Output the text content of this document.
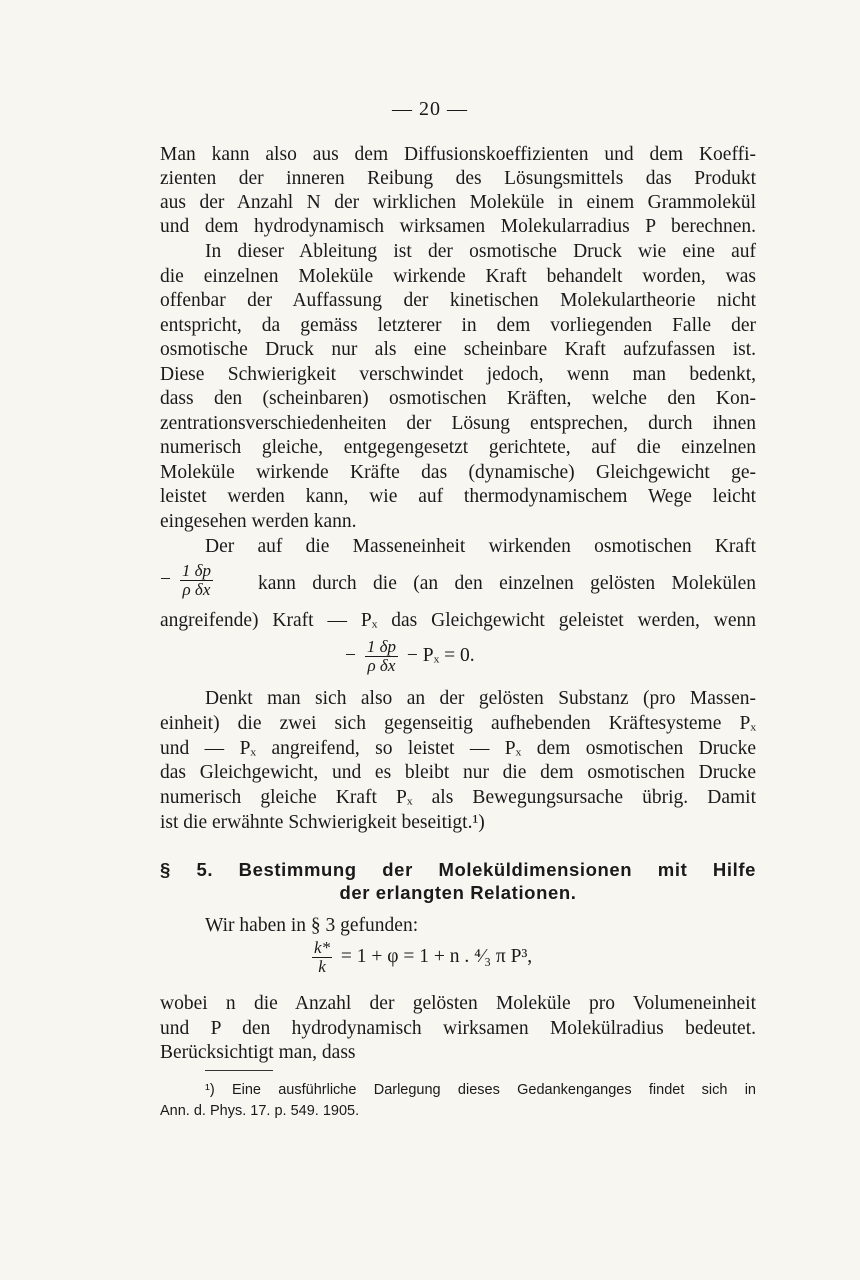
— 20 —
Man kann also aus dem Diffusionskoeffizienten und dem Koeffi-
zienten der inneren Reibung des Lösungsmittels das Produkt
aus der Anzahl N der wirklichen Moleküle in einem Grammolekül
und dem hydrodynamisch wirksamen Molekularradius P berechnen.
In dieser Ableitung ist der osmotische Druck wie eine auf
die einzelnen Moleküle wirkende Kraft behandelt worden, was
offenbar der Auffassung der kinetischen Molekulartheorie nicht
entspricht, da gemäss letzterer in dem vorliegenden Falle der
osmotische Druck nur als eine scheinbare Kraft aufzufassen ist.
Diese Schwierigkeit verschwindet jedoch, wenn man bedenkt,
dass den (scheinbaren) osmotischen Kräften, welche den Kon-
zentrationsverschiedenheiten der Lösung entsprechen, durch ihnen
numerisch gleiche, entgegengesetzt gerichtete, auf die einzelnen
Moleküle wirkende Kräfte das (dynamische) Gleichgewicht ge-
leistet werden kann, wie auf thermodynamischem Wege leicht
eingesehen werden kann.
Der auf die Masseneinheit wirkenden osmotischen Kraft
− $\frac{1 \delta p}{\text{ρ δx}}$ kann durch die (an den einzelnen gelösten Molekülen
angreifende) Kraft — Pₓ das Gleichgewicht geleistet werden, wenn
− $\frac{1 \delta p}{\text{ρ δx}} - P_x = 0$.
Denkt man sich also an der gelösten Substanz (pro Massen-
einheit) die zwei sich gegenseitig aufhebenden Kräftesysteme Pₓ
und — Pₓ angreifend, so leistet — Pₓ dem osmotischen Drucke
das Gleichgewicht, und es bleibt nur die dem osmotischen Drucke
numerisch gleiche Kraft Pₓ als Bewegungsursache übrig. Damit
ist die erwähnte Schwierigkeit beseitigt.¹)
§ 5. Bestimmung der Moleküldimensionen mit Hilfe
der erlangten Relationen.
Wir haben in § 3 gefunden:
$\frac{k*}{k} = 1 + \varphi = 1 + n$ . ⁴⁄₃ π P³,
wobei n die Anzahl der gelösten Moleküle pro Volumeneinheit
und P den hydrodynamisch wirksamen Molekülradius bedeutet.
Berücksichtigt man, dass
¹) Eine ausführliche Darlegung dieses Gedankenganges findet sich in
Ann. d. Phys. 17. p. 549. 1905.
